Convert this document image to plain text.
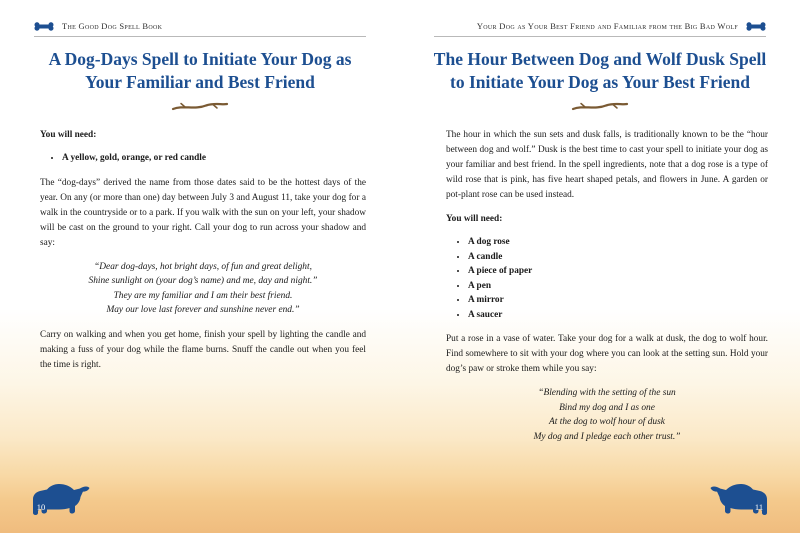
The Good Dog Spell Book
A Dog-Days Spell to Initiate Your Dog as Your Familiar and Best Friend

You will need:

• A yellow, gold, orange, or red candle

The “dog-days” derived the name from those dates said to be the hottest days of the year. On any (or more than one) day between July 3 and August 11, take your dog for a walk in the countryside or to a park. If you walk with the sun on your left, your shadow will be cast on the ground to your right. Call your dog to run across your shadow and say:

“Dear dog-days, hot bright days, of fun and great delight,
Shine sunlight on (your dog’s name) and me, day and night.”
They are my familiar and I am their best friend.
May our love last forever and sunshine never end.”

Carry on walking and when you get home, finish your spell by lighting the candle and making a fuss of your dog while the flame burns. Snuff the candle out when you feel the time is right.

10
Your Dog as Your Best Friend and Familiar from the Big Bad Wolf
The Hour Between Dog and Wolf Dusk Spell to Initiate Your Dog as Your Best Friend

The hour in which the sun sets and dusk falls, is traditionally known to be the “hour between dog and wolf.” Dusk is the best time to cast your spell to initiate your dog as your familiar and best friend. In the spell ingredients, note that a dog rose is a type of wild rose that is pink, has five heart shaped petals, and flowers in June. A garden or pot-plant rose can be used instead.

You will need:

• A dog rose
• A candle
• A piece of paper
• A pen
• A mirror
• A saucer

Put a rose in a vase of water. Take your dog for a walk at dusk, the dog to wolf hour. Find somewhere to sit with your dog where you can look at the setting sun. Hold your dog’s paw or stroke them while you say:

“Blending with the setting of the sun
Bind my dog and I as one
At the dog to wolf hour of dusk
My dog and I pledge each other trust.”
11
